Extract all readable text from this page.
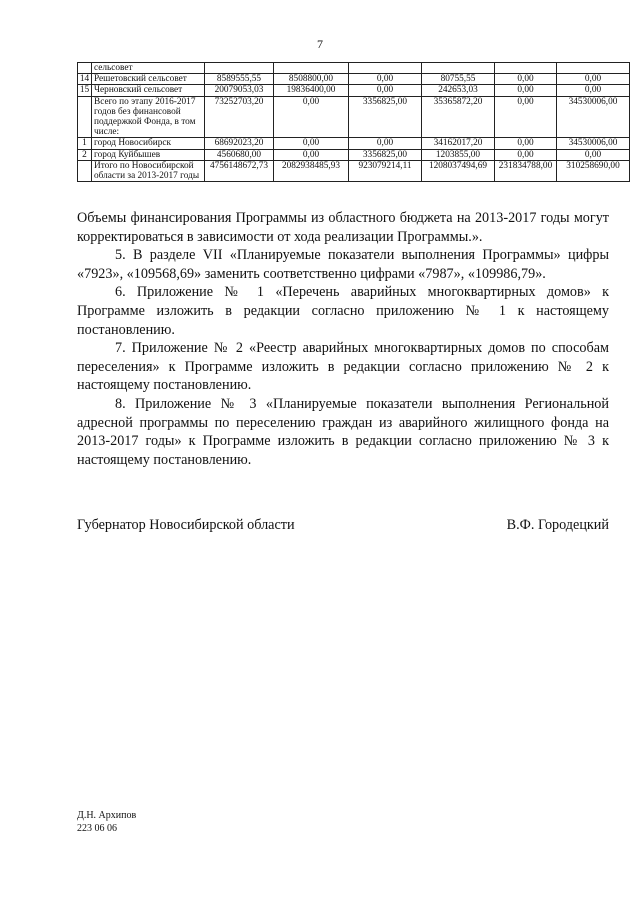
7
	сельсовет						
14	Решетовский сельсовет	8589555,55	8508800,00	0,00	80755,55	0,00	0,00
15	Черновский сельсовет	20079053,03	19836400,00	0,00	242653,03	0,00	0,00
	Всего по этапу 2016-2017 годов без финансовой поддержкой Фонда, в том числе:	73252703,20	0,00	3356825,00	35365872,20	0,00	34530006,00
1	город Новосибирск	68692023,20	0,00	0,00	34162017,20	0,00	34530006,00
2	город Куйбышев	4560680,00	0,00	3356825,00	1203855,00	0,00	0,00
	Итого по Новосибирской области за 2013-2017 годы	4756148672,73	2082938485,93	923079214,11	1208037494,69	231834788,00	310258690,00

Объемы финансирования Программы из областного бюджета на 2013-2017 годы могут корректироваться в зависимости от хода реализации Программы.».

5. В разделе VII «Планируемые показатели выполнения Программы» цифры «7923», «109568,69» заменить соответственно цифрами «7987», «109986,79».

6. Приложение № 1 «Перечень аварийных многоквартирных домов» к Программе изложить в редакции согласно приложению № 1 к настоящему постановлению.

7. Приложение № 2 «Реестр аварийных многоквартирных домов по способам переселения» к Программе изложить в редакции согласно приложению № 2 к настоящему постановлению.

8. Приложение № 3 «Планируемые показатели выполнения Региональной адресной программы по переселению граждан из аварийного жилищного фонда на 2013-2017 годы» к Программе изложить в редакции согласно приложению № 3 к настоящему постановлению.

Губернатор Новосибирской области	В.Ф. Городецкий
Д.Н. Архипов
223 06 06
